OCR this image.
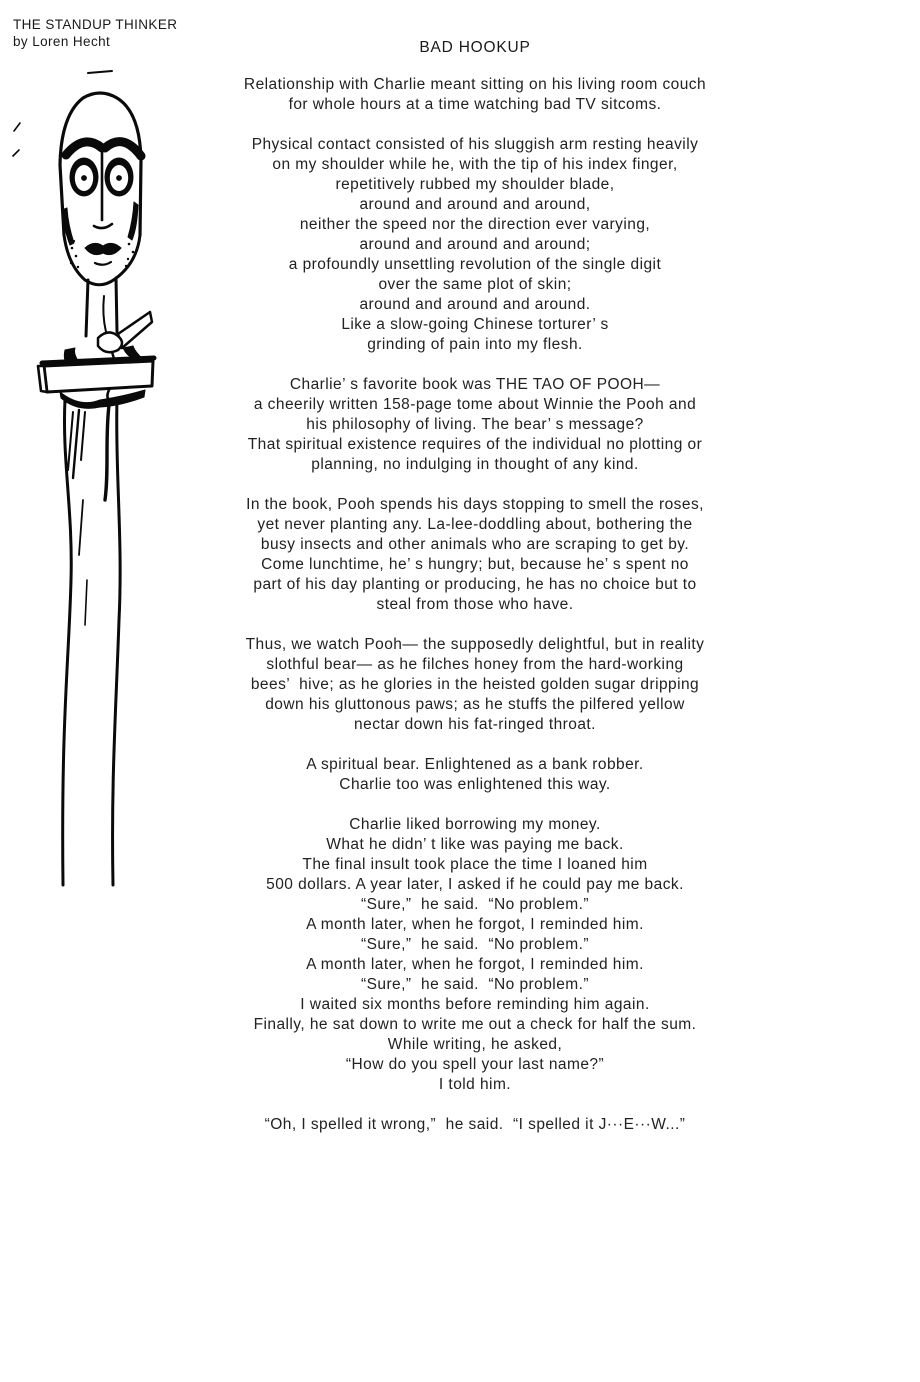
THE STANDUP THINKER
by Loren Hecht	BAD HOOKUP
Relationship with Charlie meant sitting on his living room couch
for whole hours at a time watching bad TV sitcoms.
Physical contact consisted of his sluggish arm resting heavily
on my shoulder while he, with the tip of his index finger,
repetitively rubbed my shoulder blade,
around and around and around,
neither the speed nor the direction ever varying,
around and around and around;
a profoundly unsettling revolution of the single digit
over the same plot of skin;
around and around and around.
Like a slow-going Chinese torturer’ s
grinding of pain into my flesh.
Charlie’ s favorite book was THE TAO OF POOH—
a cheerily written 158-page tome about Winnie the Pooh and
his philosophy of living. The bear’ s message?
That spiritual existence requires of the individual no plotting or
planning, no indulging in thought of any kind.
In the book, Pooh spends his days stopping to smell the roses,
yet never planting any. La-lee-doddling about, bothering the
busy insects and other animals who are scraping to get by.
Come lunchtime, he’ s hungry; but, because he’ s spent no
part of his day planting or producing, he has no choice but to
steal from those who have.
Thus, we watch Pooh— the supposedly delightful, but in reality
slothful bear— as he filches honey from the hard-working
bees’  hive; as he glories in the heisted golden sugar dripping
down his gluttonous paws; as he stuffs the pilfered yellow
nectar down his fat-ringed throat.
A spiritual bear. Enlightened as a bank robber.
Charlie too was enlightened this way.
Charlie liked borrowing my money.
What he didn’ t like was paying me back.
The final insult took place the time I loaned him
500 dollars. A year later, I asked if he could pay me back.
“Sure,”  he said.  “No problem.”
A month later, when he forgot, I reminded him.
“Sure,”  he said.  “No problem.”
A month later, when he forgot, I reminded him.
“Sure,”  he said.  “No problem.”
I waited six months before reminding him again.
Finally, he sat down to write me out a check for half the sum.
While writing, he asked,
“How do you spell your last name?”
I told him.
“Oh, I spelled it wrong,”  he said.  “I spelled it J···E···W...”
